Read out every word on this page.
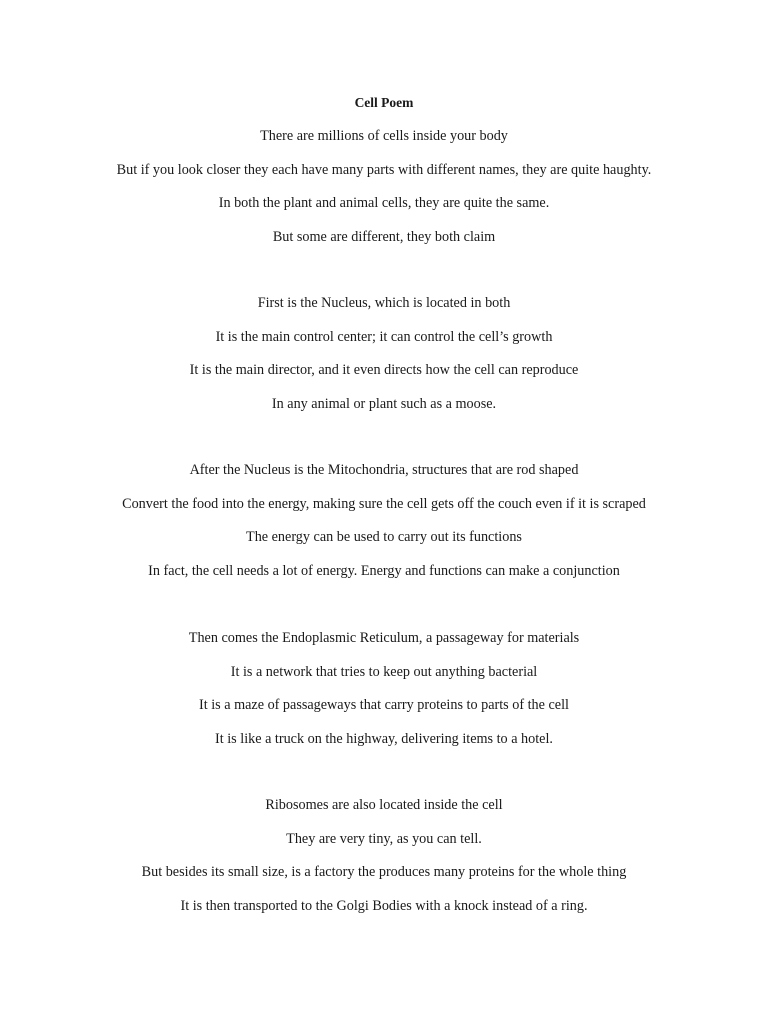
Cell Poem
There are millions of cells inside your body
But if you look closer they each have many parts with different names, they are quite haughty.
In both the plant and animal cells, they are quite the same.
But some are different, they both claim
First is the Nucleus, which is located in both
It is the main control center; it can control the cell’s growth
It is the main director, and it even directs how the cell can reproduce
In any animal or plant such as a moose.
After the Nucleus is the Mitochondria, structures that are rod shaped
Convert the food into the energy, making sure the cell gets off the couch even if it is scraped
The energy can be used to carry out its functions
In fact, the cell needs a lot of energy. Energy and functions can make a conjunction
Then comes the Endoplasmic Reticulum, a passageway for materials
It is a network that tries to keep out anything bacterial
It is a maze of passageways that carry proteins to parts of the cell
It is like a truck on the highway, delivering items to a hotel.
Ribosomes are also located inside the cell
They are very tiny, as you can tell.
But besides its small size, is a factory the produces many proteins for the whole thing
It is then transported to the Golgi Bodies with a knock instead of a ring.
